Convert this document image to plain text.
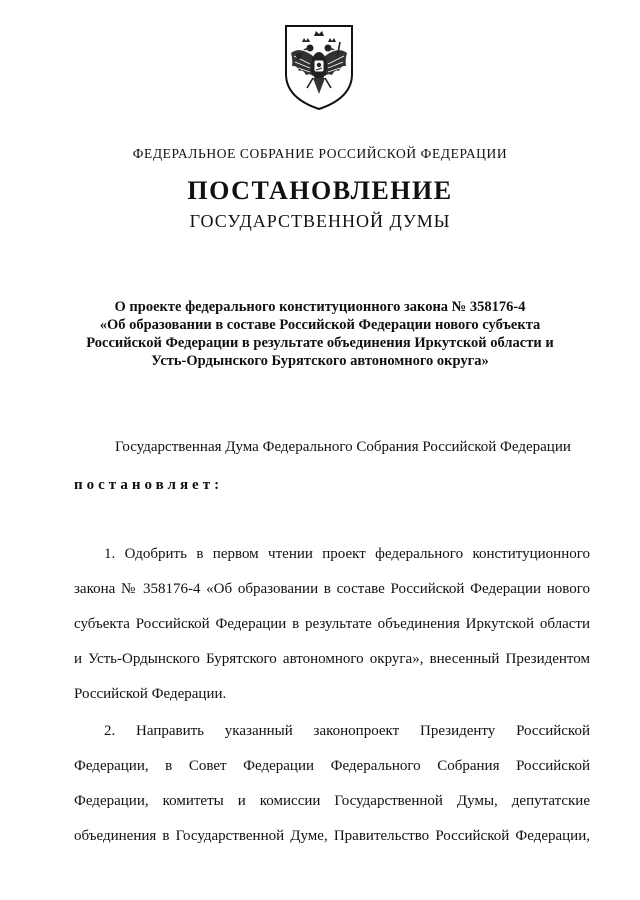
ФЕДЕРАЛЬНОЕ СОБРАНИЕ РОССИЙСКОЙ ФЕДЕРАЦИИ
ПОСТАНОВЛЕНИЕ
ГОСУДАРСТВЕННОЙ ДУМЫ
О проекте федерального конституционного закона № 358176-4
«Об образовании в составе Российской Федерации нового субъекта
Российской Федерации в результате объединения Иркутской области и
Усть-Ордынского Бурятского автономного округа»
Государственная Дума Федерального Собрания Российской Федерации
постановляет:
1. Одобрить в первом чтении проект федерального конституционного
закона № 358176-4 «Об образовании в составе Российской Федерации нового
субъекта Российской Федерации в результате объединения Иркутской области
и Усть-Ордынского Бурятского автономного округа», внесенный Президентом
Российской Федерации.
2. Направить указанный законопроект Президенту Российской
Федерации, в Совет Федерации Федерального Собрания Российской
Федерации, комитеты и комиссии Государственной Думы, депутатские
объединения в Государственной Думе, Правительство Российской Федерации,
